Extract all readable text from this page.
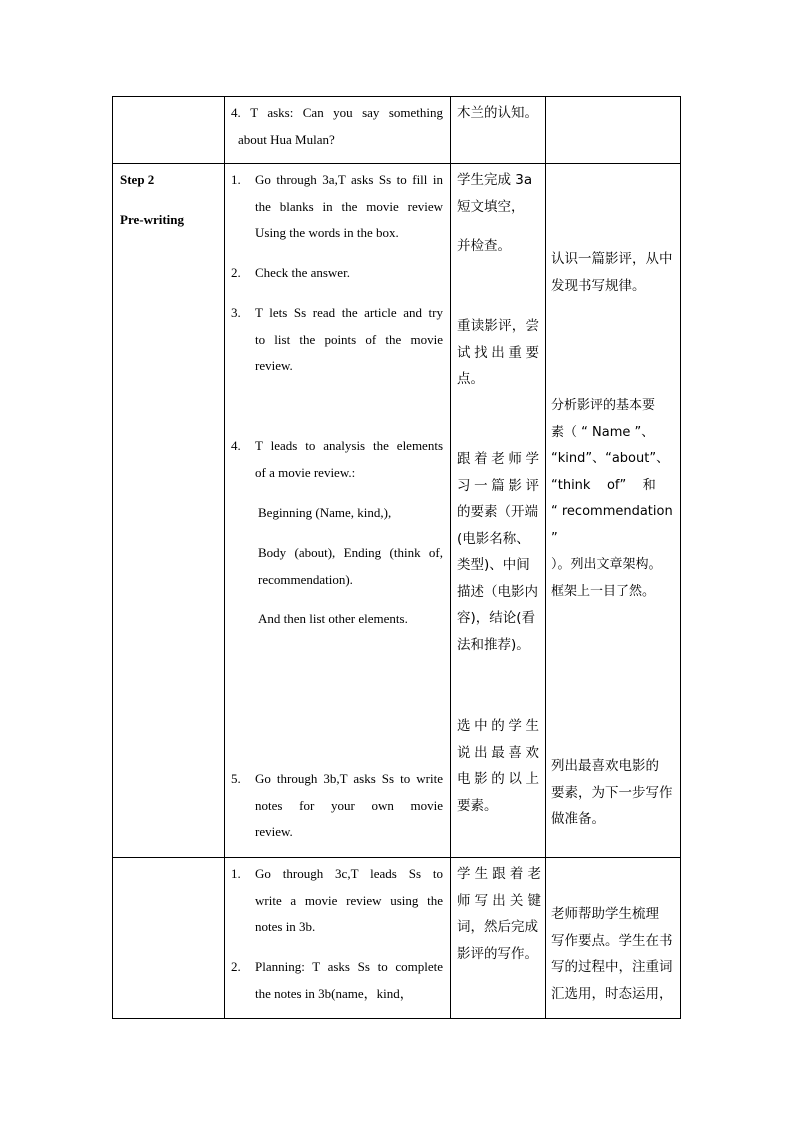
4. T asks: Can you say something
about Hua Mulan?
木兰的认知。
Step 2
Pre-writing
1. Go through 3a,T asks Ss to fill in
the blanks in the movie review
Using the words in the box.
2. Check the answer.
3. T lets Ss read the article and try
to list the points of the movie
review.
4. T leads to analysis the elements
of a movie review.:
Beginning (Name, kind,),
Body (about), Ending (think of,
recommendation).
And then list other elements.
5. Go through 3b,T asks Ss to write
notes for your own movie
review.
学生完成 3a
短文填空，
并检查。
重读影评，尝
试找出重要
点。
跟着老师学
习一篇影评
的要素（开端
(电影名称、
类型)、中间
描述（电影内
容)，结论(看
法和推荐)。
选中的学生
说出最喜欢
电影的以上
要素。
认识一篇影评，从中
发现书写规律。
分析影评的基本要
素（ “ Name ”、
“kind”、“about”、
“think    of”    和
“ recommendation ”
）。列出文章架构。
框架上一目了然。
列出最喜欢电影的
要素，为下一步写作
做准备。
1. Go through 3c,T leads Ss to
write a movie review using the
notes in 3b.
2. Planning: T asks Ss to complete
the notes in 3b(name，kind，
学生跟着老
师写出关键
词，然后完成
影评的写作。
老师帮助学生梳理
写作要点。学生在书
写的过程中，注重词
汇选用，时态运用，
